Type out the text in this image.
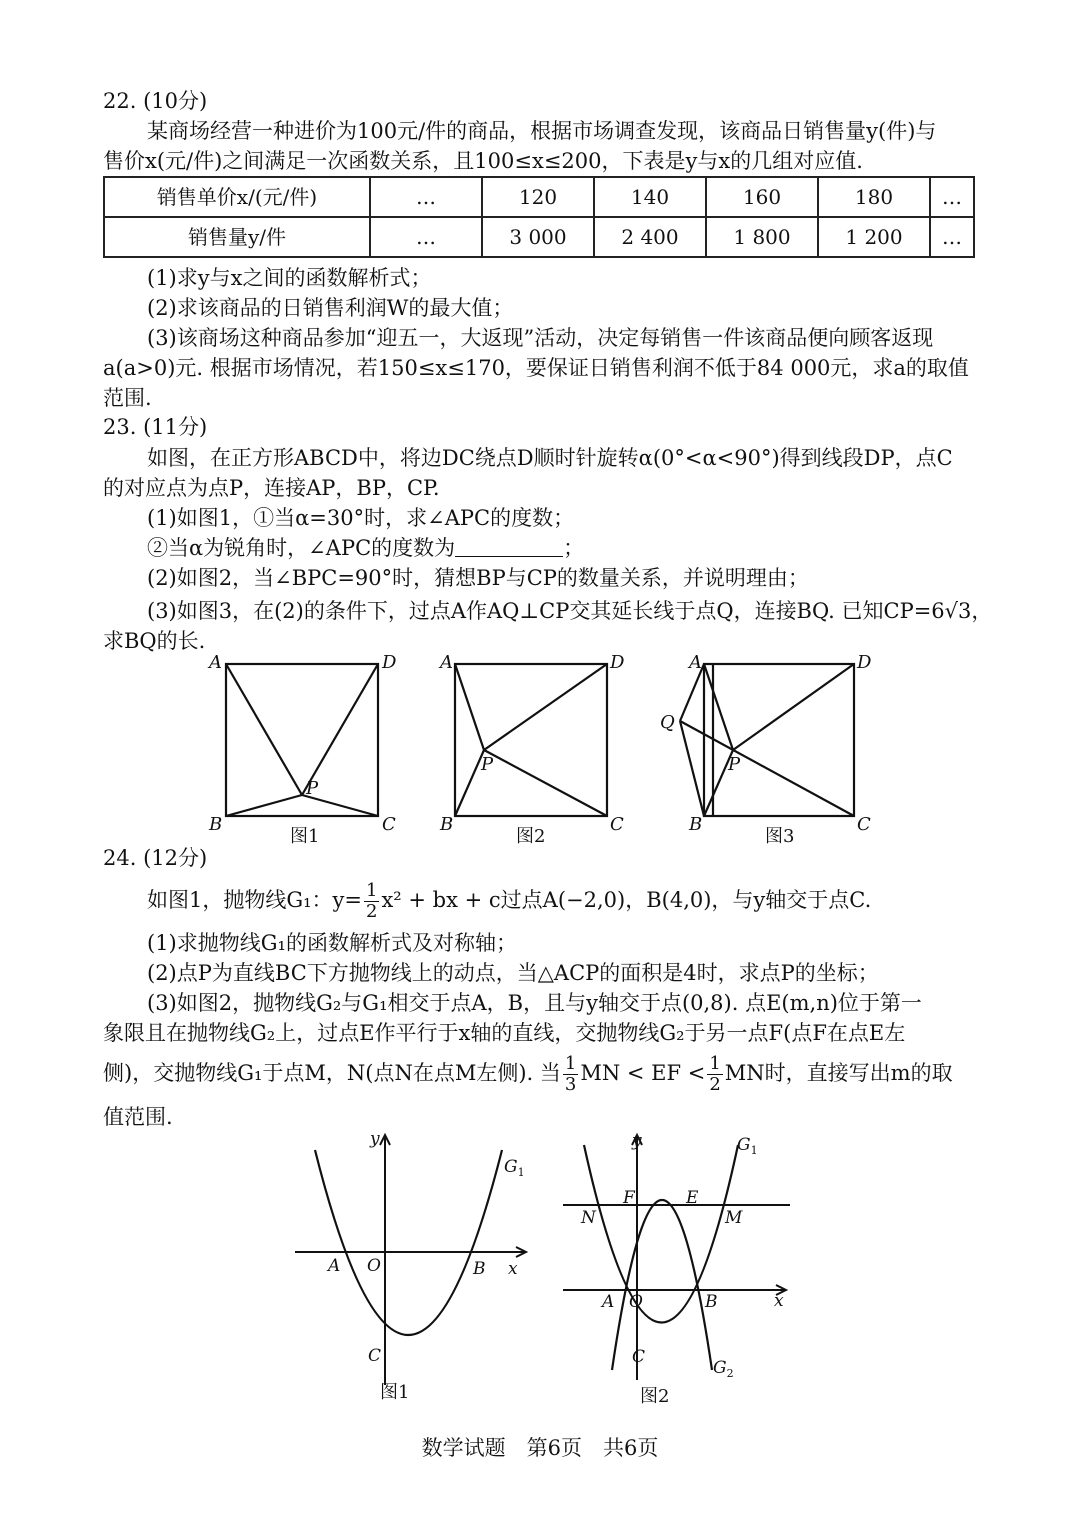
22. (10分)
某商场经营一种进价为100元/件的商品，根据市场调查发现，该商品日销售量y(件)与
售价x(元/件)之间满足一次函数关系，且100≤x≤200，下表是y与x的几组对应值.
销售单价x/(元/件)	…	120	140	160	180	…
销售量y/件	…	3 000	2 400	1 800	1 200	…
(1)求y与x之间的函数解析式；
(2)求该商品的日销售利润W的最大值；
(3)该商场这种商品参加“迎五一，大返现”活动，决定每销售一件该商品便向顾客返现
a(a>0)元. 根据市场情况，若150≤x≤170，要保证日销售利润不低于84 000元，求a的取值
范围.
23. (11分)
如图，在正方形ABCD中，将边DC绕点D顺时针旋转α(0°<α<90°)得到线段DP，点C
的对应点为点P，连接AP，BP，CP.
(1)如图1，①当α=30°时，求∠APC的度数；
②当α为锐角时，∠APC的度数为	；
(2)如图2，当∠BPC=90°时，猜想BP与CP的数量关系，并说明理由；
(3)如图3，在(2)的条件下，过点A作AQ⊥CP交其延长线于点Q，连接BQ. 已知CP=6√3，
求BQ的长.
A	D
B	C
P
图1
A	D
B	C
P
图2
A	D
B	C
P
Q
图3
24. (12分)
如图1，抛物线G₁：$y= \frac{1}{2} x^2$ + bx + c过点A(−2,0)，B(4,0)，与y轴交于点C.
(1)求抛物线G₁的函数解析式及对称轴；
(2)点P为直线BC下方抛物线上的动点，当△ACP的面积是4时，求点P的坐标；
(3)如图2，抛物线G₂与G₁相交于点A，B，且与y轴交于点(0,8). 点E(m,n)位于第一
象限且在抛物线G₂上，过点E作平行于x轴的直线，交抛物线G₂于另一点F(点F在点E左
侧)，交抛物线G₁于点M，N(点N在点M左侧). 当 $\frac{1}{3}$ MN < EF < $\frac{1}{2}$ MN时，直接写出m的取
值范围.
y
x
O
A	B
C
$G_1$
图1
y
x
O
A	B
C
F	E
N	M
$G_1$
$G_2$
图2
数学试题　第6页　共6页
